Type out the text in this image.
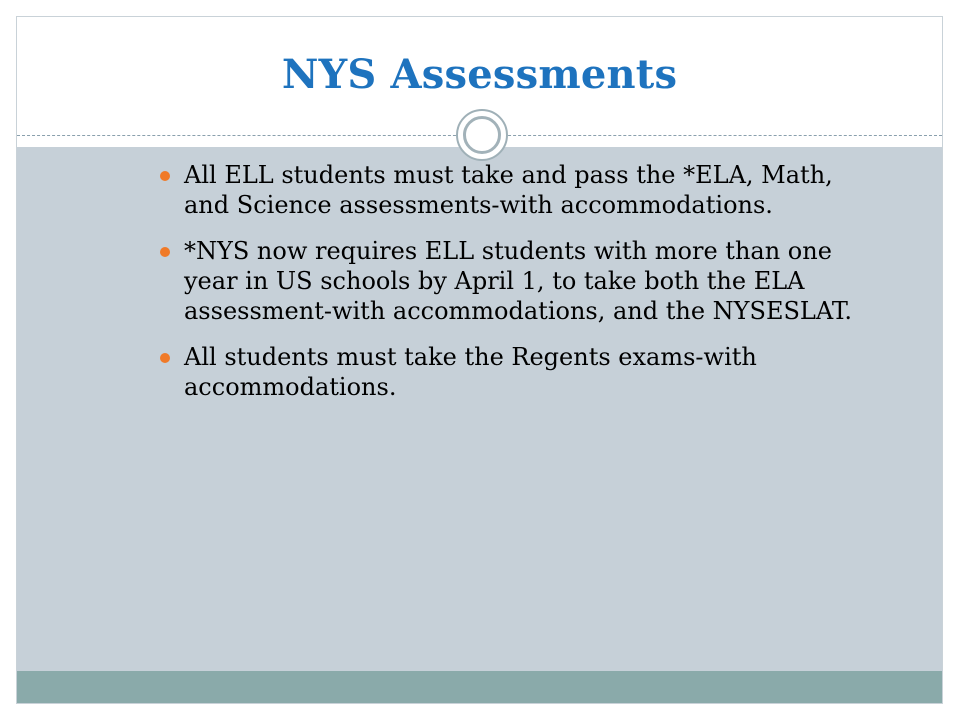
NYS Assessments
All ELL students must take and pass the *ELA, Math, and Science assessments-with accommodations.
*NYS now requires ELL students with more than one year in US schools by April 1, to take both the ELA assessment-with accommodations, and the NYSESLAT.
All students must take the Regents exams-with accommodations.
